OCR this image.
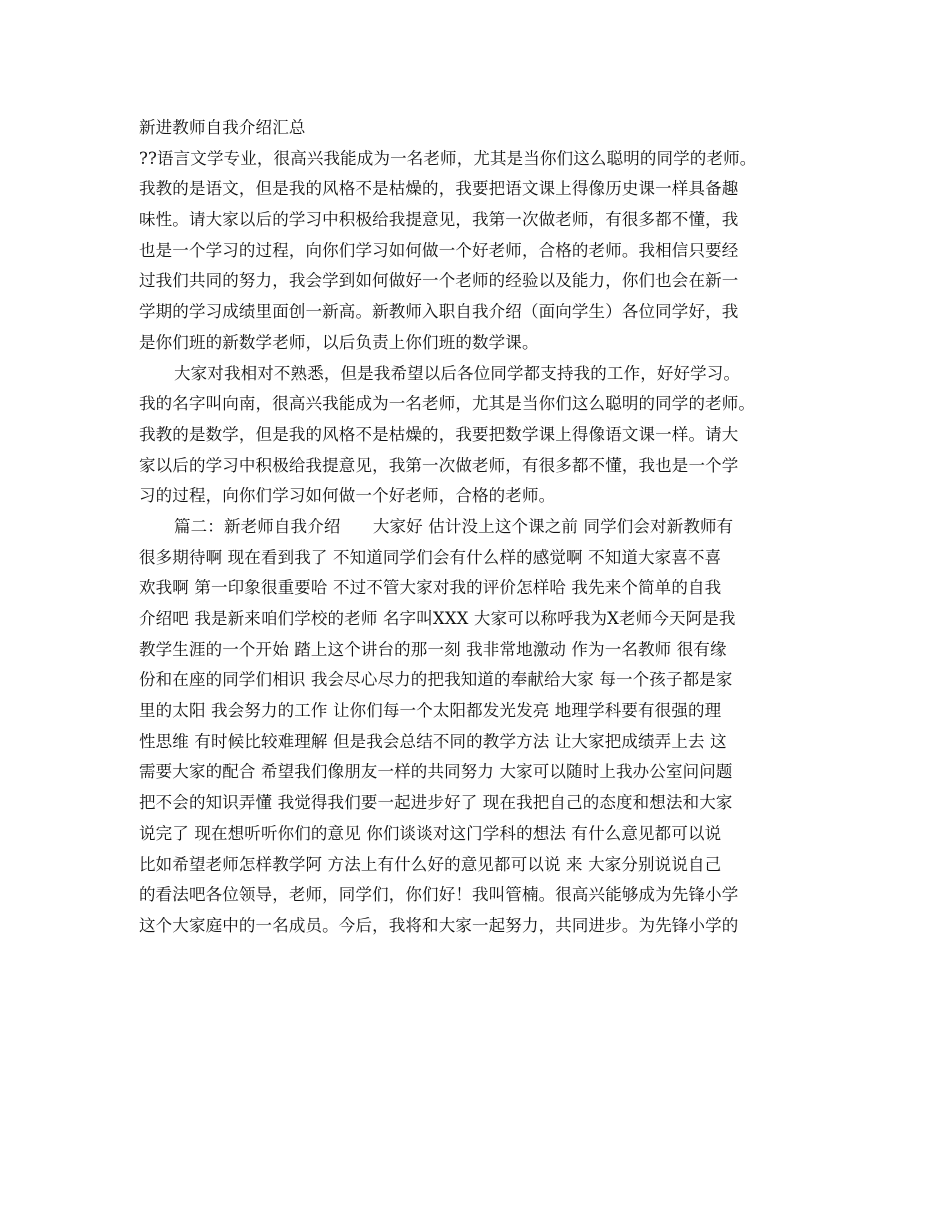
新进教师自我介绍汇总
??语言文学专业，很高兴我能成为一名老师，尤其是当你们这么聪明的同学的老师。
我教的是语文，但是我的风格不是枯燥的，我要把语文课上得像历史课一样具备趣
味性。请大家以后的学习中积极给我提意见，我第一次做老师，有很多都不懂，我
也是一个学习的过程，向你们学习如何做一个好老师，合格的老师。我相信只要经
过我们共同的努力，我会学到如何做好一个老师的经验以及能力，你们也会在新一
学期的学习成绩里面创一新高。新教师入职自我介绍（面向学生）各位同学好，我
是你们班的新数学老师，以后负责上你们班的数学课。
大家对我相对不熟悉，但是我希望以后各位同学都支持我的工作，好好学习。
我的名字叫向南，很高兴我能成为一名老师，尤其是当你们这么聪明的同学的老师。
我教的是数学，但是我的风格不是枯燥的，我要把数学课上得像语文课一样。请大
家以后的学习中积极给我提意见，我第一次做老师，有很多都不懂，我也是一个学
习的过程，向你们学习如何做一个好老师，合格的老师。
篇二：新老师自我介绍      大家好 估计没上这个课之前 同学们会对新教师有
很多期待啊 现在看到我了 不知道同学们会有什么样的感觉啊 不知道大家喜不喜
欢我啊 第一印象很重要哈 不过不管大家对我的评价怎样哈 我先来个简单的自我
介绍吧 我是新来咱们学校的老师 名字叫XXX 大家可以称呼我为X老师今天阿是我
教学生涯的一个开始 踏上这个讲台的那一刻 我非常地激动 作为一名教师 很有缘
份和在座的同学们相识 我会尽心尽力的把我知道的奉献给大家 每一个孩子都是家
里的太阳 我会努力的工作 让你们每一个太阳都发光发亮 地理学科要有很强的理
性思维 有时候比较难理解 但是我会总结不同的教学方法 让大家把成绩弄上去 这
需要大家的配合 希望我们像朋友一样的共同努力 大家可以随时上我办公室问问题
把不会的知识弄懂 我觉得我们要一起进步好了 现在我把自己的态度和想法和大家
说完了 现在想听听你们的意见 你们谈谈对这门学科的想法 有什么意见都可以说
比如希望老师怎样教学阿 方法上有什么好的意见都可以说 来 大家分别说说自己
的看法吧各位领导，老师，同学们，你们好！我叫管楠。很高兴能够成为先锋小学
这个大家庭中的一名成员。今后，我将和大家一起努力，共同进步。为先锋小学的
